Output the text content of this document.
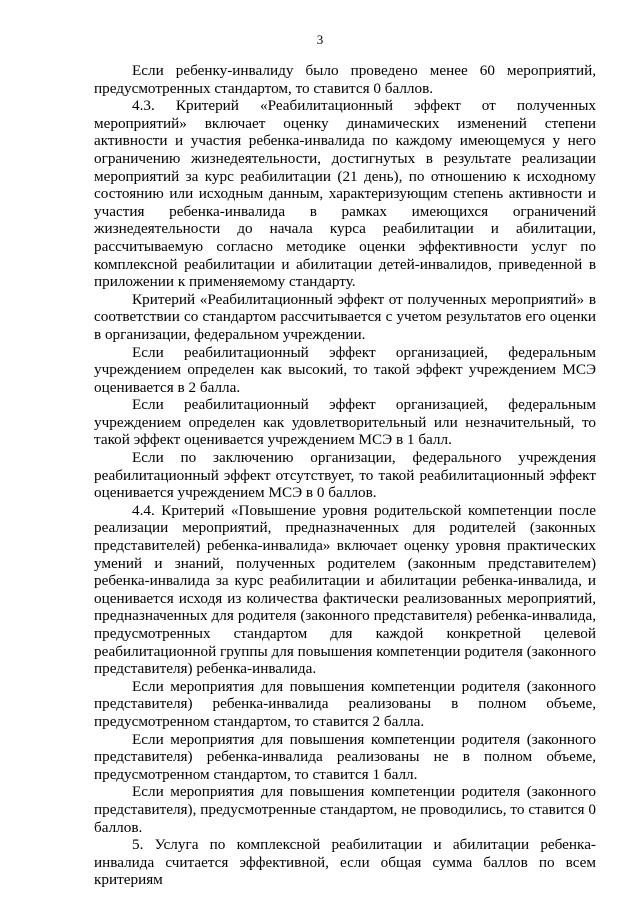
3

Если ребенку-инвалиду было проведено менее 60 мероприятий, предусмотренных стандартом, то ставится 0 баллов.

4.3. Критерий «Реабилитационный эффект от полученных мероприятий» включает оценку динамических изменений степени активности и участия ребенка-инвалида по каждому имеющемуся у него ограничению жизнедеятельности, достигнутых в результате реализации мероприятий за курс реабилитации (21 день), по отношению к исходному состоянию или исходным данным, характеризующим степень активности и участия ребенка-инвалида в рамках имеющихся ограничений жизнедеятельности до начала курса реабилитации и абилитации, рассчитываемую согласно методике оценки эффективности услуг по комплексной реабилитации и абилитации детей-инвалидов, приведенной в приложении к применяемому стандарту.

Критерий «Реабилитационный эффект от полученных мероприятий» в соответствии со стандартом рассчитывается с учетом результатов его оценки в организации, федеральном учреждении.

Если реабилитационный эффект организацией, федеральным учреждением определен как высокий, то такой эффект учреждением МСЭ оценивается в 2 балла.

Если реабилитационный эффект организацией, федеральным учреждением определен как удовлетворительный или незначительный, то такой эффект оценивается учреждением МСЭ в 1 балл.

Если по заключению организации, федерального учреждения реабилитационный эффект отсутствует, то такой реабилитационный эффект оценивается учреждением МСЭ в 0 баллов.

4.4. Критерий «Повышение уровня родительской компетенции после реализации мероприятий, предназначенных для родителей (законных представителей) ребенка-инвалида» включает оценку уровня практических умений и знаний, полученных родителем (законным представителем) ребенка-инвалида за курс реабилитации и абилитации ребенка-инвалида, и оценивается исходя из количества фактически реализованных мероприятий, предназначенных для родителя (законного представителя) ребенка-инвалида, предусмотренных стандартом для каждой конкретной целевой реабилитационной группы для повышения компетенции родителя (законного представителя) ребенка-инвалида.

Если мероприятия для повышения компетенции родителя (законного представителя) ребенка-инвалида реализованы в полном объеме, предусмотренном стандартом, то ставится 2 балла.

Если мероприятия для повышения компетенции родителя (законного представителя) ребенка-инвалида реализованы не в полном объеме, предусмотренном стандартом, то ставится 1 балл.

Если мероприятия для повышения компетенции родителя (законного представителя), предусмотренные стандартом, не проводились, то ставится 0 баллов.

5. Услуга по комплексной реабилитации и абилитации ребенка-инвалида считается эффективной, если общая сумма баллов по всем критериям
